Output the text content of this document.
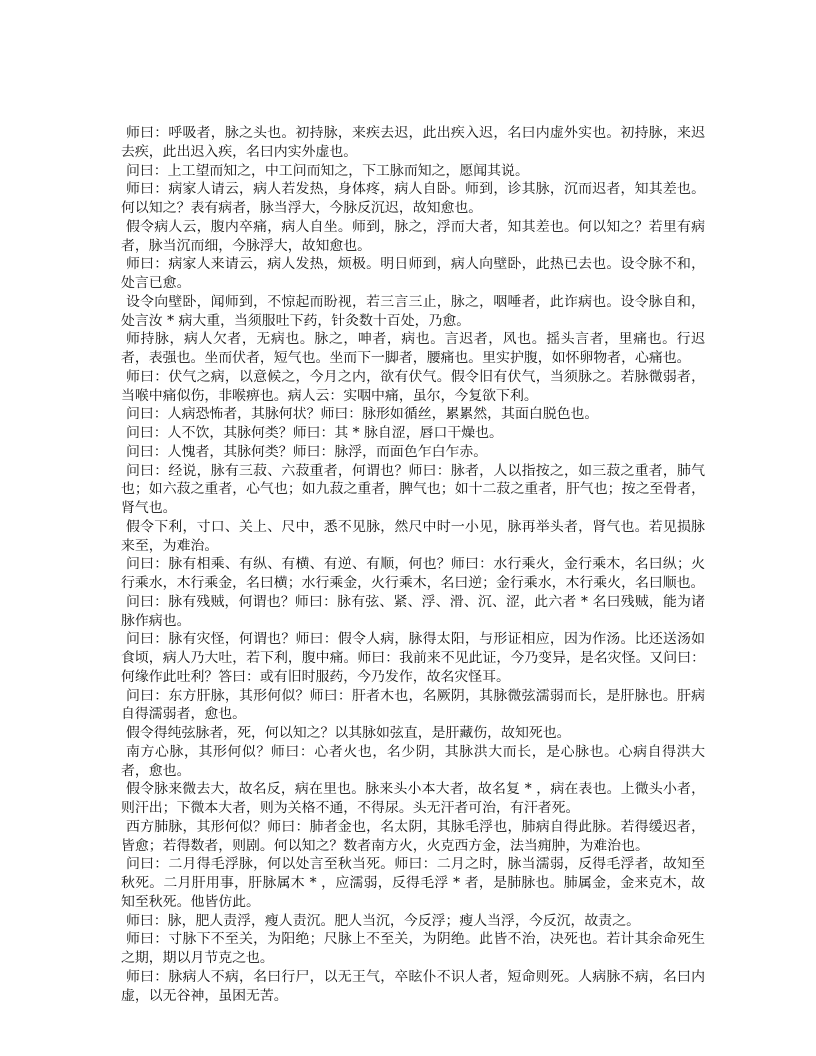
师曰：呼吸者，脉之头也。初持脉，来疾去迟，此出疾入迟，名曰内虚外实也。初持脉，来迟去疾，此出迟入疾，名曰内实外虚也。

问曰：上工望而知之，中工问而知之，下工脉而知之，愿闻其说。

师曰：病家人请云，病人若发热，身体疼，病人自卧。师到，诊其脉，沉而迟者，知其差也。何以知之？表有病者，脉当浮大，今脉反沉迟，故知愈也。

假令病人云，腹内卒痛，病人自坐。师到，脉之，浮而大者，知其差也。何以知之？若里有病者，脉当沉而细，今脉浮大，故知愈也。

师曰：病家人来请云，病人发热，烦极。明日师到，病人向壁卧，此热已去也。设令脉不和，处言已愈。

设令向壁卧，闻师到，不惊起而盼视，若三言三止，脉之，咽唾者，此诈病也。设令脉自和，处言汝 * 病大重，当须服吐下药，针灸数十百处，乃愈。

师持脉，病人欠者，无病也。脉之，呻者，病也。言迟者，风也。摇头言者，里痛也。行迟者，表强也。坐而伏者，短气也。坐而下一脚者，腰痛也。里实护腹，如怀卵物者，心痛也。

师曰：伏气之病，以意候之，今月之内，欲有伏气。假令旧有伏气，当须脉之。若脉微弱者，当喉中痛似伤，非喉痹也。病人云：实咽中痛，虽尔，今复欲下利。

问曰：人病恐怖者，其脉何状？师曰：脉形如循丝，累累然，其面白脱色也。

问曰：人不饮，其脉何类？师曰：其 * 脉自涩，唇口干燥也。

问曰：人愧者，其脉何类？师曰：脉浮，而面色乍白乍赤。

问曰：经说，脉有三菽、六菽重者，何谓也？师曰：脉者，人以指按之，如三菽之重者，肺气也；如六菽之重者，心气也；如九菽之重者，脾气也；如十二菽之重者，肝气也；按之至骨者，肾气也。

假令下利，寸口、关上、尺中，悉不见脉，然尺中时一小见，脉再举头者，肾气也。若见损脉来至，为难治。

问曰：脉有相乘、有纵、有横、有逆、有顺，何也？师曰：水行乘火，金行乘木，名曰纵；火行乘水，木行乘金，名曰横；水行乘金，火行乘木，名曰逆；金行乘水，木行乘火，名曰顺也。

问曰：脉有残贼，何谓也？师曰：脉有弦、紧、浮、滑、沉、涩，此六者 * 名曰残贼，能为诸脉作病也。

问曰：脉有灾怪，何谓也？师曰：假令人病，脉得太阳，与形证相应，因为作汤。比还送汤如食顷，病人乃大吐，若下利，腹中痛。师曰：我前来不见此证，今乃变异，是名灾怪。又问曰：何缘作此吐利？答曰：或有旧时服药，今乃发作，故名灾怪耳。

问曰：东方肝脉，其形何似？师曰：肝者木也，名厥阴，其脉微弦濡弱而长，是肝脉也。肝病自得濡弱者，愈也。

假令得纯弦脉者，死，何以知之？以其脉如弦直，是肝藏伤，故知死也。

南方心脉，其形何似？师曰：心者火也，名少阴，其脉洪大而长，是心脉也。心病自得洪大者，愈也。

假令脉来微去大，故名反，病在里也。脉来头小本大者，故名复 * ，病在表也。上微头小者，则汗出；下微本大者，则为关格不通，不得尿。头无汗者可治，有汗者死。

西方肺脉，其形何似？师曰：肺者金也，名太阴，其脉毛浮也，肺病自得此脉。若得缓迟者，皆愈；若得数者，则剧。何以知之？数者南方火，火克西方金，法当痈肿，为难治也。

问曰：二月得毛浮脉，何以处言至秋当死。师曰：二月之时，脉当濡弱，反得毛浮者，故知至秋死。二月肝用事，肝脉属木 * ，应濡弱，反得毛浮 * 者，是肺脉也。肺属金，金来克木，故知至秋死。他皆仿此。

师曰：脉，肥人责浮，瘦人责沉。肥人当沉，今反浮；瘦人当浮，今反沉，故责之。

师曰：寸脉下不至关，为阳绝；尺脉上不至关，为阴绝。此皆不治，决死也。若计其余命死生之期，期以月节克之也。

师曰：脉病人不病，名曰行尸，以无王气，卒眩仆不识人者，短命则死。人病脉不病，名曰内虚，以无谷神，虽困无苦。
